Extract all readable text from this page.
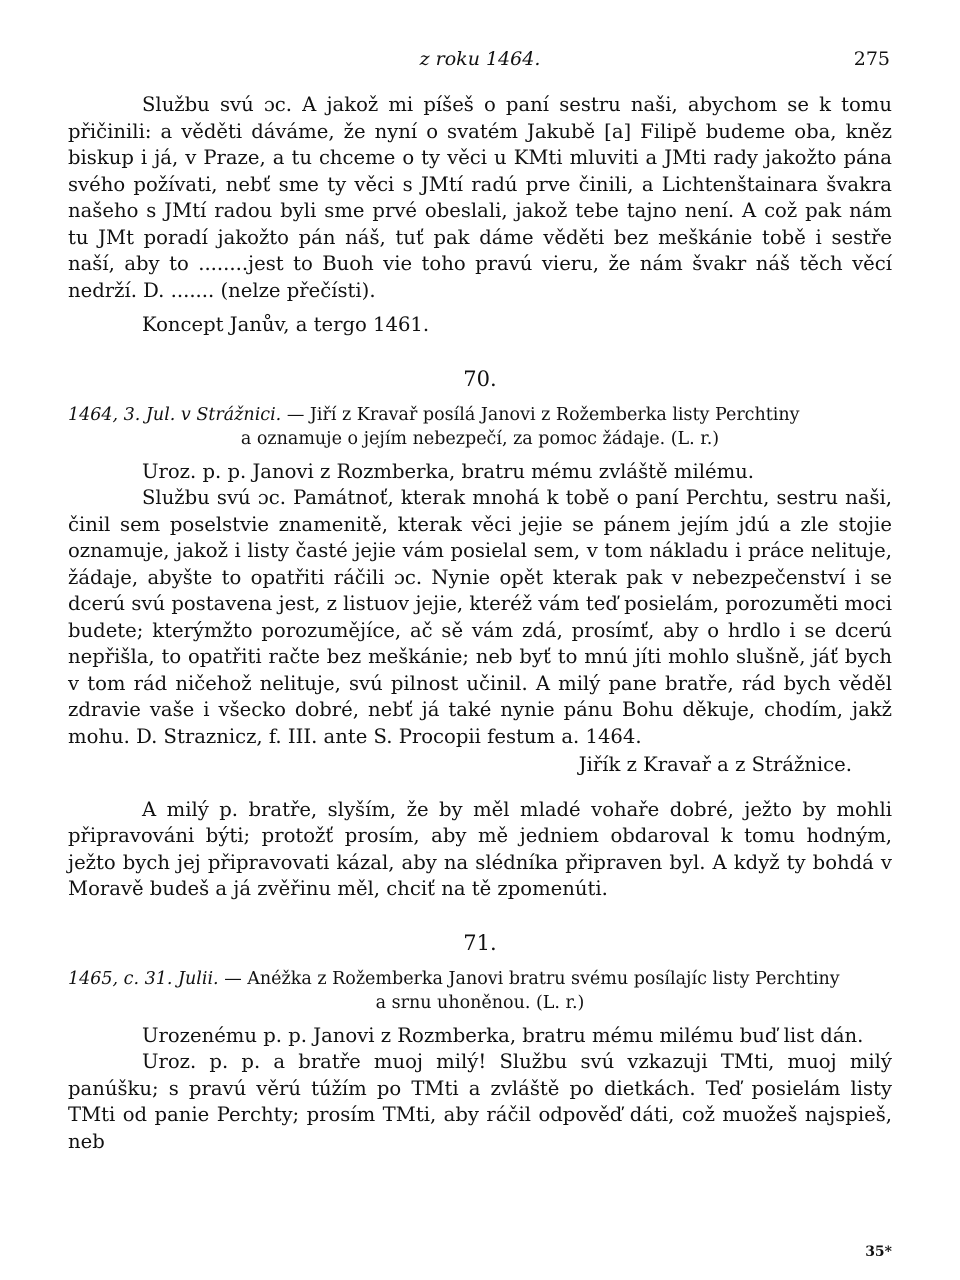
z roku 1464.	275

Službu svú ɔc. A jakož mi píšeš o paní sestru naši, abychom se k tomu přičinili: a věděti dáváme, že nyní o svatém Jakubě [a] Filipě budeme oba, kněz biskup i já, v Praze, a tu chceme o ty věci u KMti mluviti a JMti rady jakožto pána svého požívati, nebť sme ty věci s JMtí radú prve činili, a Lichtenštainara švakra našeho s JMtí radou byli sme prvé obeslali, jakož tebe tajno není. A což pak nám tu JMt poradí jakožto pán náš, tuť pak dáme věděti bez meškánie tobě i sestře naší, aby to ........jest to Buoh vie toho pravú vieru, že nám švakr náš těch věcí nedrží. D. ....... (nelze přečísti).

Koncept Janův, a tergo 1461.

70.

1464, 3. Jul. v Strážnici. — Jiří z Kravař posílá Janovi z Rožemberka listy Perchtiny
a oznamuje o jejím nebezpečí, za pomoc žádaje. (L. r.)

Uroz. p. p. Janovi z Rozmberka, bratru mému zvláště milému.

Službu svú ɔc. Památnoť, kterak mnohá k tobě o paní Perchtu, sestru naši, činil sem poselstvie znamenitě, kterak věci jejie se pánem jejím jdú a zle stojie oznamuje, jakož i listy časté jejie vám posielal sem, v tom nákladu i práce nelituje, žádaje, abyšte to opatřiti ráčili ɔc. Nynie opět kterak pak v nebezpečenství i se dcerú svú postavena jest, z listuov jejie, kteréž vám teď posielám, porozuměti moci budete; kterýmžto porozumějíce, ač sě vám zdá, prosímť, aby o hrdlo i se dcerú nepřišla, to opatřiti račte bez meškánie; neb byť to mnú jíti mohlo slušně, jáť bych v tom rád ničehož nelituje, svú pilnost učinil. A milý pane bratře, rád bych věděl zdravie vaše i všecko dobré, nebť já také nynie pánu Bohu děkuje, chodím, jakž mohu. D. Straznicz, f. III. ante S. Procopii festum a. 1464.

Jiřík z Kravař a z Strážnice.

A milý p. bratře, slyším, že by měl mladé vohaře dobré, ježto by mohli připravováni býti; protožť prosím, aby mě jedniem obdaroval k tomu hodným, ježto bych jej připravovati kázal, aby na slédníka připraven byl. A když ty bohdá v Moravě budeš a já zvěřinu měl, chciť na tě zpomenúti.

71.

1465, c. 31. Julii. — Anéžka z Rožemberka Janovi bratru svému posílajíc listy Perchtiny
a srnu uhoněnou. (L. r.)

Urozenému p. p. Janovi z Rozmberka, bratru mému milému buď list dán.

Uroz. p. p. a bratře muoj milý! Službu svú vzkazuji TMti, muoj milý panúšku; s pravú věrú túžím po TMti a zvláště po dietkách. Teď posielám listy TMti od panie Perchty; prosím TMti, aby ráčil odpověď dáti, což muožeš najspieš, neb

35*
